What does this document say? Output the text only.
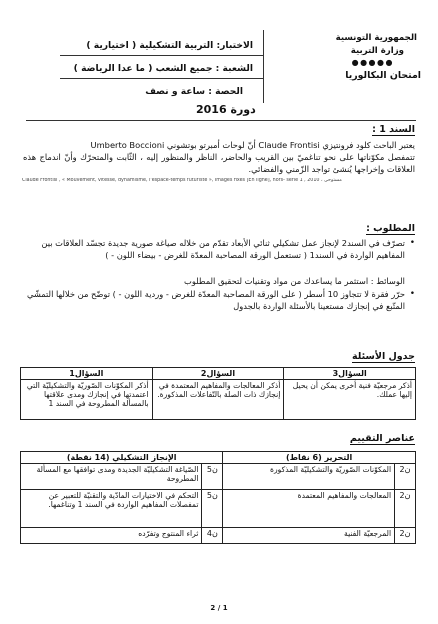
الجمهورية التونسية
وزارة التربية
●●●●●
امتحان البكالوريا
الاختبار: التربية التشكيلية ( اختيارية )
الشعبة : جميع الشعب ( ما عدا الرياضة )
الحصة : ساعة و نصف
دورة 2016
السند 1 :
يعتبر الباحث كلود فرونتيزي Claude Frontisi أنّ لوحات أمبرتو بوتشوني Umberto Boccioni
تتمفصل مكوّناتها على نحو تناغميّ بين القريب والحاضر، الناظر والمنظور إليه ، الثّابت والمتحرّك وأنّ اندماج هذه العلاقات وإخراجها يُنشئ تواجد الزّمني والفضائي.
Claude Frontisi , « Mouvement, vitesse, dynamisme, l'espace-temps futuriste », Images fixes [En ligne], hors- série 1 , 2010 ، مستوحى
المطلوب :
•
تصرّف في السند2 لإنجاز عمل تشكيلي ثنائي الأبعاد تقدّم من خلاله صياغة صورية جديدة تجسّد العلاقات بين المفاهيم الواردة في السند1 ( تستعمل الورقة المصاحبة المعدّة للغرض - بيضاء اللون - )
الوسائط : استثمر ما يساعدك من مواد وتقنيات لتحقيق المطلوب
•
حرّر فقرة لا تتجاوز 10 أسطر ( على الورقة المصاحبة المعدّة للغرض - وردية اللون - ) توضّح من خلالها التمشّي المتّبع في إنجازك مستعينا بالأسئلة الواردة بالجدول
جدول الأسئلة
السؤال1	السؤال2	السؤال3
أذكر المكوّنات الصّوريّة والتشكيليّة التي اعتمدتها في إنجازك ومدى علاقتها بالمسألة المطروحة في السند 1	أذكر المعالجات والمفاهيم المعتمدة في إنجازك ذات الصلة بالتّفاعلات المذكورة.	أذكر مرجعيّة فنية أخرى يمكن أن يحيل إليها عملك.
عناصر التقييم
الإنجاز التشكيلي (14 نقطة)		التحرير (6 نقاط)	
الصّياغة التشكيليّة الجديدة ومدى توافقها مع المسألة المطروحة	5ن	المكوّنات الصّوريّة والتشكيليّة المذكورة	2ن
التحكم في الاختيارات المادّية والتقنيّة للتعبير عن تمفصلات المفاهيم الواردة في السند 1 وتناغمها.	5ن	المعالجات والمفاهيم المعتمدة	2ن
ثراء المنتوج وتفرّده	4ن	المرجعيّة الفنية	2ن
2 / 1
